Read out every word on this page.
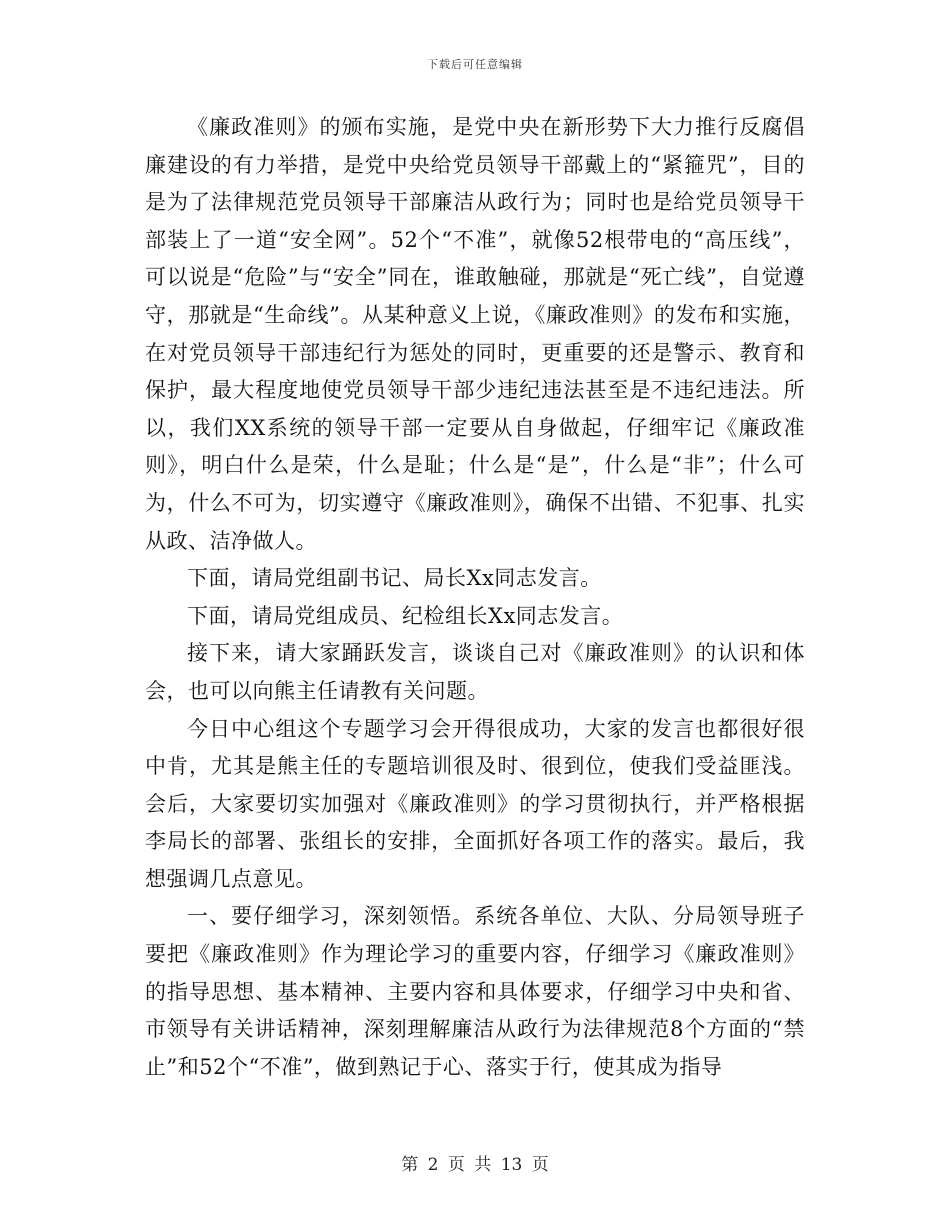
下载后可任意编辑

《廉政准则》的颁布实施，是党中央在新形势下大力推行反腐倡廉建设的有力举措，是党中央给党员领导干部戴上的“紧箍咒”，目的是为了法律规范党员领导干部廉洁从政行为；同时也是给党员领导干部装上了一道“安全网”。52个“不准”，就像52根带电的“高压线”，可以说是“危险”与“安全”同在，谁敢触碰，那就是“死亡线”，自觉遵守，那就是“生命线”。从某种意义上说，《廉政准则》的发布和实施，在对党员领导干部违纪行为惩处的同时，更重要的还是警示、教育和保护，最大程度地使党员领导干部少违纪违法甚至是不违纪违法。所以，我们XX系统的领导干部一定要从自身做起，仔细牢记《廉政准则》，明白什么是荣，什么是耻；什么是“是”，什么是“非”；什么可为，什么不可为，切实遵守《廉政准则》，确保不出错、不犯事、扎实从政、洁净做人。

下面，请局党组副书记、局长Xx同志发言。

下面，请局党组成员、纪检组长Xx同志发言。

接下来，请大家踊跃发言，谈谈自己对《廉政准则》的认识和体会，也可以向熊主任请教有关问题。

今日中心组这个专题学习会开得很成功，大家的发言也都很好很中肯，尤其是熊主任的专题培训很及时、很到位，使我们受益匪浅。会后，大家要切实加强对《廉政准则》的学习贯彻执行，并严格根据李局长的部署、张组长的安排，全面抓好各项工作的落实。最后，我想强调几点意见。

一、要仔细学习，深刻领悟。系统各单位、大队、分局领导班子要把《廉政准则》作为理论学习的重要内容，仔细学习《廉政准则》的指导思想、基本精神、主要内容和具体要求，仔细学习中央和省、市领导有关讲话精神，深刻理解廉洁从政行为法律规范8个方面的“禁止”和52个“不准”，做到熟记于心、落实于行，使其成为指导

第 2 页 共 13 页
